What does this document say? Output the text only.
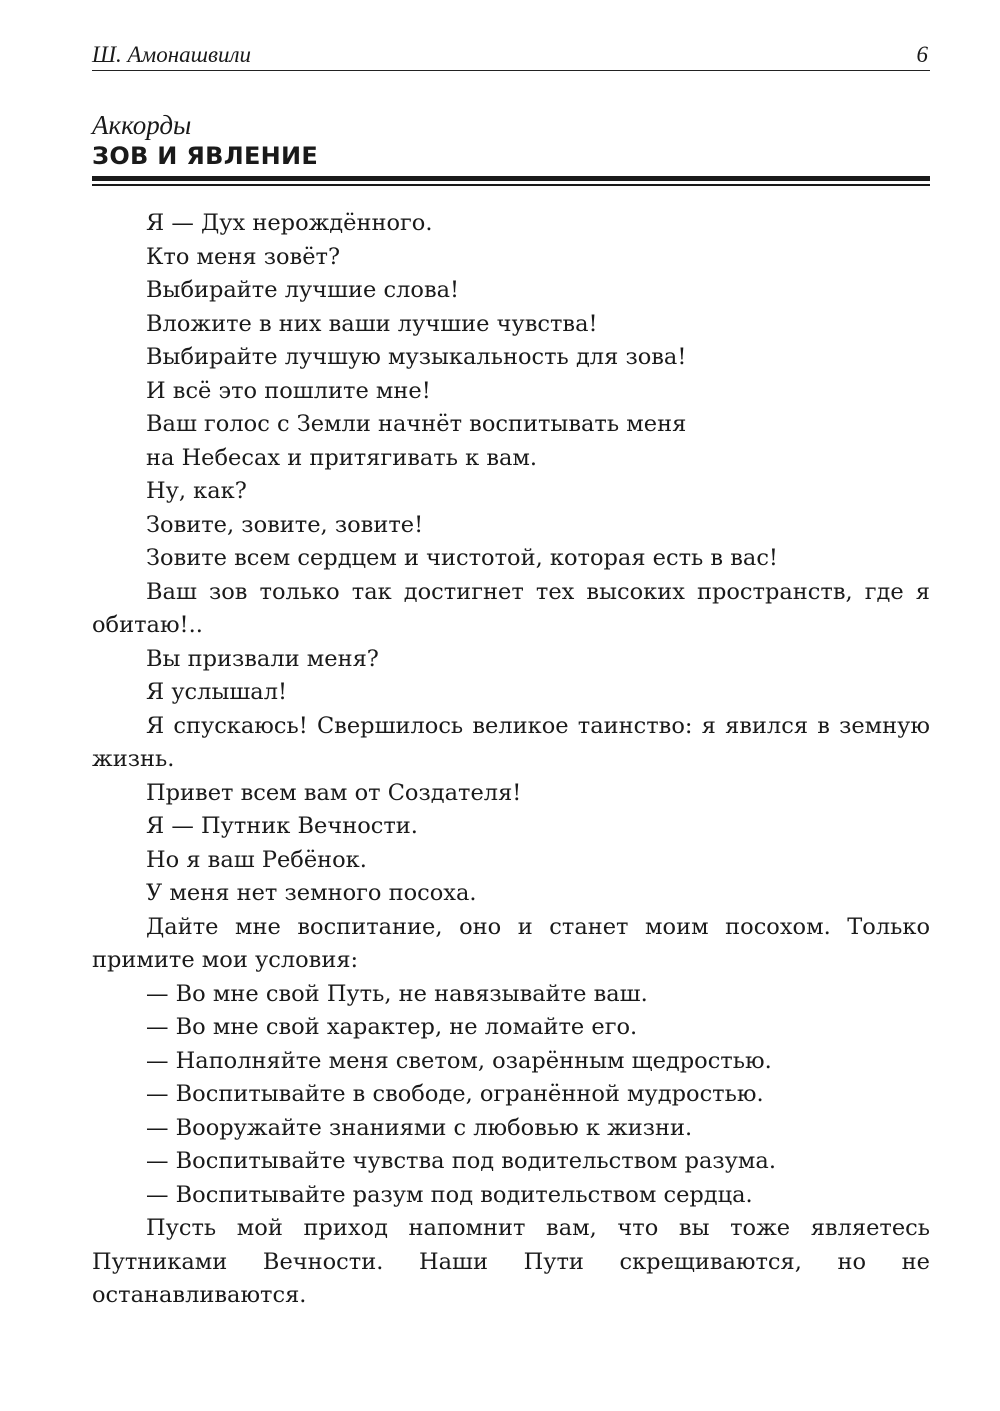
Ш. Амонашвили	6
Аккорды
ЗОВ И ЯВЛЕНИЕ

Я — Дух нерождённого.

Кто меня зовёт?

Выбирайте лучшие слова!

Вложите в них ваши лучшие чувства!

Выбирайте лучшую музыкальность для зова!

И всё это пошлите мне!

Ваш голос с Земли начнёт воспитывать меня

на Небесах и притягивать к вам.

Ну, как?

Зовите, зовите, зовите!

Зовите всем сердцем и чистотой, которая есть в вас!

Ваш зов только так достигнет тех высоких пространств, где я обитаю!..

Вы призвали меня?

Я услышал!

Я спускаюсь! Свершилось великое таинство: я явился в земную жизнь.

Привет всем вам от Создателя!

Я — Путник Вечности.

Но я ваш Ребёнок.

У меня нет земного посоха.

Дайте мне воспитание, оно и станет моим посохом. Только примите мои условия:

— Во мне свой Путь, не навязывайте ваш.

— Во мне свой характер, не ломайте его.

— Наполняйте меня светом, озарённым щедростью.

— Воспитывайте в свободе, огранённой мудростью.

— Вооружайте знаниями с любовью к жизни.

— Воспитывайте чувства под водительством разума.

— Воспитывайте разум под водительством сердца.

Пусть мой приход напомнит вам, что вы тоже являетесь Путниками Вечности. Наши Пути скрещиваются, но не останавливаются.
